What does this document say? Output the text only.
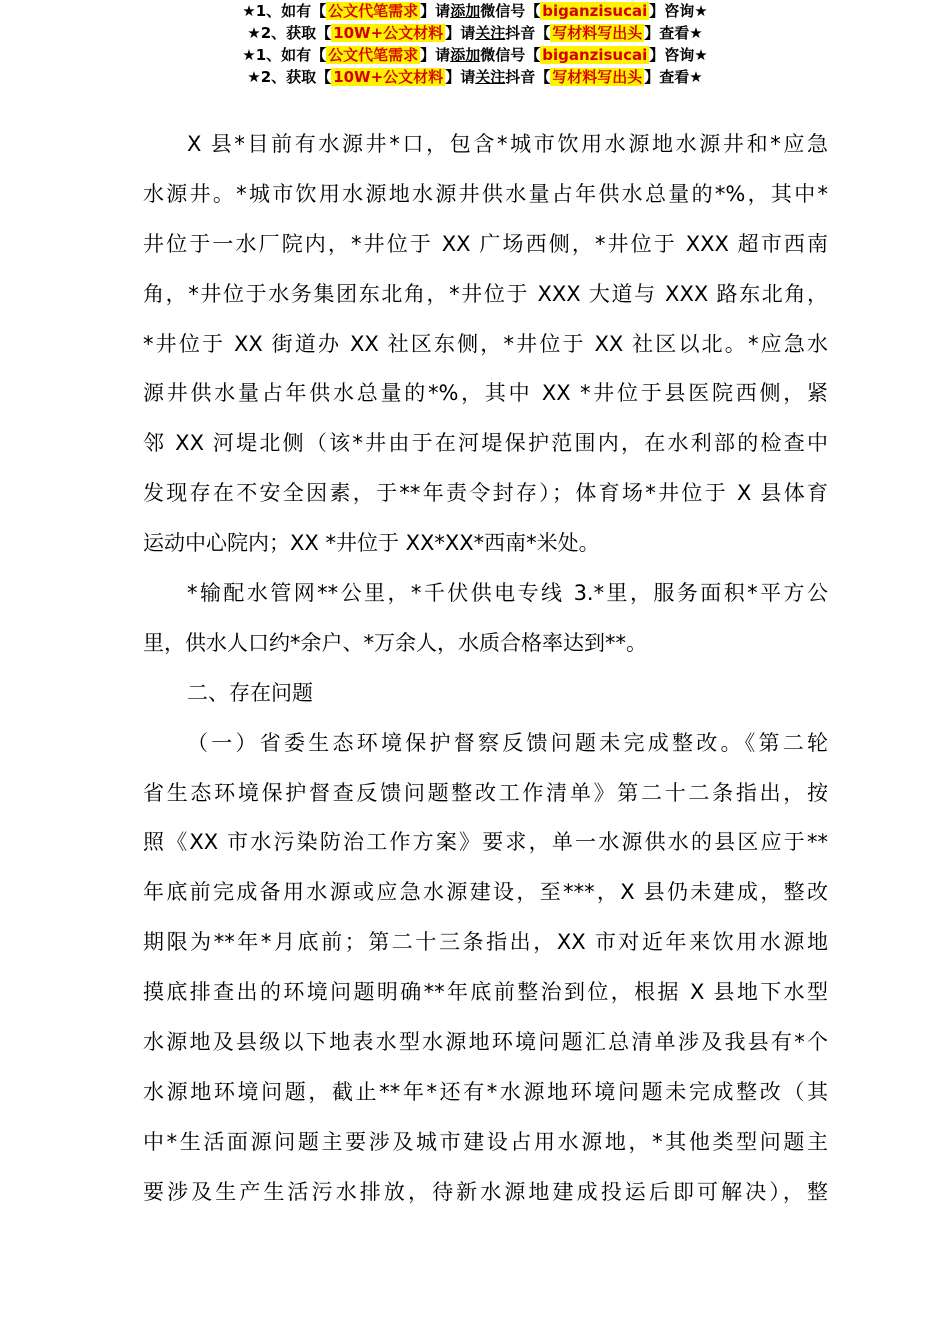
★1、如有【 公文代笔需求 】请添加微信号【 biganzisucai 】咨询★
★2、获取【 10W+公文材料 】请关注抖音【 写材料写出头 】查看★
X 县*目前有水源井*口，包含*城市饮用水源地水源井和*应急
水源井。*城市饮用水源地水源井供水量占年供水总量的*%，其中*
井位于一水厂院内，*井位于 XX 广场西侧，*井位于 XXX 超市西南
角，*井位于水务集团东北角，*井位于 XXX 大道与 XXX 路东北角，
*井位于 XX 街道办 XX 社区东侧，*井位于 XX 社区以北。*应急水
源井供水量占年供水总量的*%，其中 XX *井位于县医院西侧，紧
邻 XX 河堤北侧（该*井由于在河堤保护范围内，在水利部的检查中
发现存在不安全因素，于**年责令封存）；体育场*井位于 X 县体育
运动中心院内；XX *井位于 XX*XX*西南*米处。
*输配水管网**公里，*千伏供电专线 3.*里，服务面积*平方公
里，供水人口约*余户、*万余人，水质合格率达到**。
二、存在问题
（一）省委生态环境保护督察反馈问题未完成整改。《第二轮
省生态环境保护督查反馈问题整改工作清单》第二十二条指出，按
照《XX 市水污染防治工作方案》要求，单一水源供水的县区应于**
年底前完成备用水源或应急水源建设，至***，X 县仍未建成，整改
期限为**年*月底前；第二十三条指出，XX 市对近年来饮用水源地
摸底排查出的环境问题明确**年底前整治到位，根据 X 县地下水型
水源地及县级以下地表水型水源地环境问题汇总清单涉及我县有*个
水源地环境问题，截止**年*还有*水源地环境问题未完成整改（其
中*生活面源问题主要涉及城市建设占用水源地，*其他类型问题主
要涉及生产生活污水排放，待新水源地建成投运后即可解决），整
★1、如有【 公文代笔需求 】请添加微信号【 biganzisucai 】咨询★
★2、获取【 10W+公文材料 】请关注抖音【 写材料写出头 】查看★
